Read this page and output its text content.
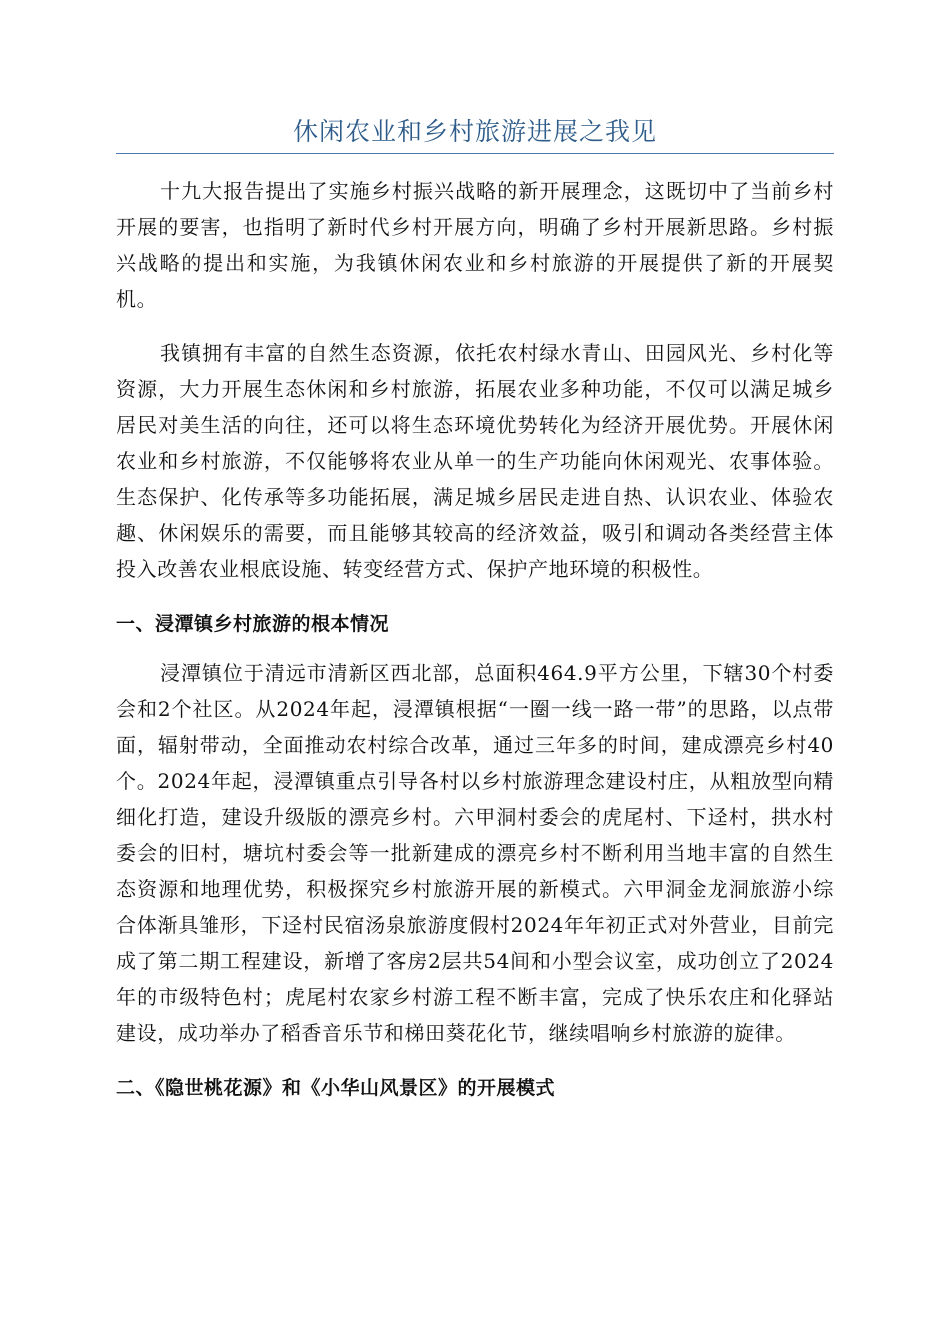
休闲农业和乡村旅游进展之我见

十九大报告提出了实施乡村振兴战略的新开展理念，这既切中了当前乡村开展的要害，也指明了新时代乡村开展方向，明确了乡村开展新思路。乡村振兴战略的提出和实施，为我镇休闲农业和乡村旅游的开展提供了新的开展契机。

我镇拥有丰富的自然生态资源，依托农村绿水青山、田园风光、乡村化等资源，大力开展生态休闲和乡村旅游，拓展农业多种功能，不仅可以满足城乡居民对美生活的向往，还可以将生态环境优势转化为经济开展优势。开展休闲农业和乡村旅游，不仅能够将农业从单一的生产功能向休闲观光、农事体验。生态保护、化传承等多功能拓展，满足城乡居民走进自热、认识农业、体验农趣、休闲娱乐的需要，而且能够其较高的经济效益，吸引和调动各类经营主体投入改善农业根底设施、转变经营方式、保护产地环境的积极性。

一、浸潭镇乡村旅游的根本情况

浸潭镇位于清远市清新区西北部，总面积464.9平方公里，下辖30个村委会和2个社区。从2024年起，浸潭镇根据“一圈一线一路一带”的思路，以点带面，辐射带动，全面推动农村综合改革，通过三年多的时间，建成漂亮乡村40个。2024年起，浸潭镇重点引导各村以乡村旅游理念建设村庄，从粗放型向精细化打造，建设升级版的漂亮乡村。六甲洞村委会的虎尾村、下迳村，拱水村委会的旧村，塘坑村委会等一批新建成的漂亮乡村不断利用当地丰富的自然生态资源和地理优势，积极探究乡村旅游开展的新模式。六甲洞金龙洞旅游小综合体渐具雏形，下迳村民宿汤泉旅游度假村2024年年初正式对外营业，目前完成了第二期工程建设，新增了客房2层共54间和小型会议室，成功创立了2024年的市级特色村；虎尾村农家乡村游工程不断丰富，完成了快乐农庄和化驿站建设，成功举办了稻香音乐节和梯田葵花化节，继续唱响乡村旅游的旋律。

二、《隐世桃花源》和《小华山风景区》的开展模式
